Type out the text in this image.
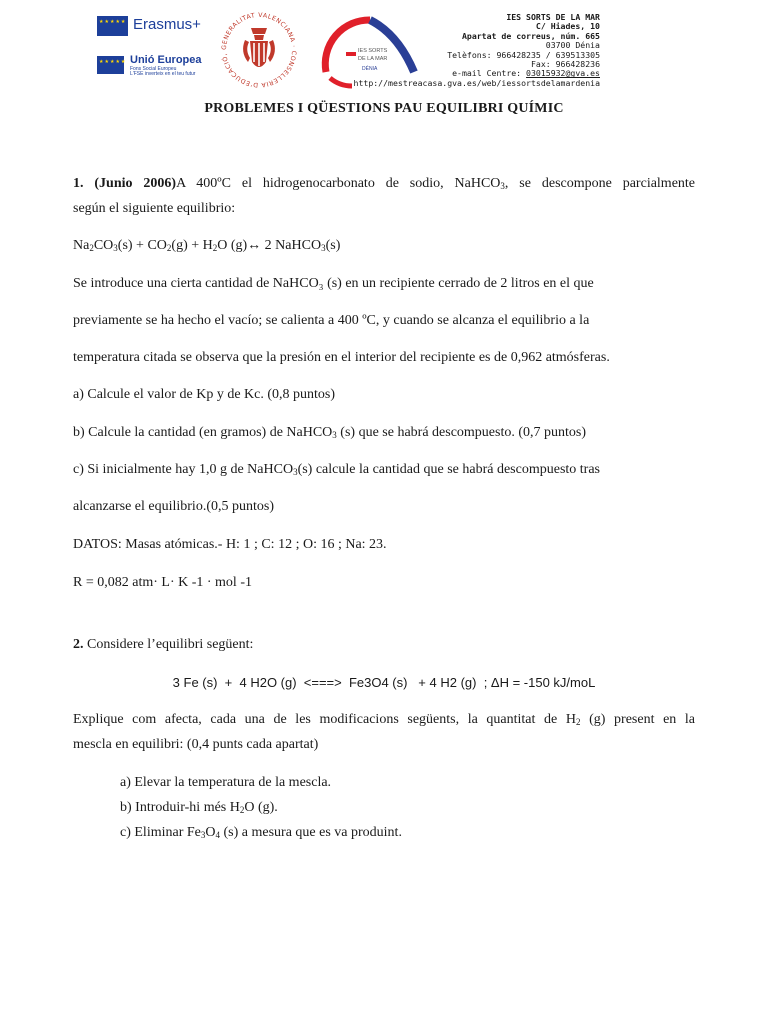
★★★★★
Erasmus+
★★★★★
Unió Europea
Fons Social Europeu
L'FSE inverteix en el teu futur
GENERALITAT VALENCIANA · CONSELLERIA D'EDUCACIÓ,
IES SORTS
DE LA MAR
DÉNIA
IES SORTS DE LA MAR
C/ Hiades, 10
Apartat de correus, núm. 665
03700 Dénia
Telèfons: 966428235 / 639513305
Fax: 966428236
e-mail Centre: 03015932@gva.es
http://mestreacasa.gva.es/web/iessortsdelamardenia
PROBLEMES I QÜESTIONS PAU EQUILIBRI QUÍMIC
1. (Junio 2006)A 400ºC el hidrogenocarbonato de sodio, NaHCO$_3$, se descompone parcialmente
según el siguiente equilibrio:
$Na_2CO_3(s) + CO_2(g) + H_2O$ (g)↔ 2 NaHCO$_3$(s)
Se introduce una cierta cantidad de NaHCO₃ (s) en un recipiente cerrado de 2 litros en el que
previamente se ha hecho el vacío; se calienta a 400 ºC, y cuando se alcanza el equilibrio a la
temperatura citada se observa que la presión en el interior del recipiente es de 0,962 atmósferas.
a) Calcule el valor de Kp y de Kc. (0,8 puntos)
b) Calcule la cantidad (en gramos) de NaHCO$_3$ (s) que se habrá descompuesto. (0,7 puntos)
c) Si inicialmente hay 1,0 g de NaHCO$_3$(s) calcule la cantidad que se habrá descompuesto tras
alcanzarse el equilibrio.(0,5 puntos)
DATOS: Masas atómicas.- H: 1 ; C: 12 ; O: 16 ; Na: 23.
R = 0,082 atm· L· K -1 · mol -1
2. Considere l’equilibri següent:
3 Fe (s)  +  4 H2O (g)  <===>  Fe3O4 (s)   + 4 H2 (g)  ; ΔH = -150 kJ/moL
Explique com afecta, cada una de les modificacions següents, la quantitat de $H_2$ (g) present en la
mescla en equilibri: (0,4 punts cada apartat)
a) Elevar la temperatura de la mescla.
b) Introduir-hi més $H_2O$ (g).
c) Eliminar $Fe_3O_4$ (s) a mesura que es va produint.
